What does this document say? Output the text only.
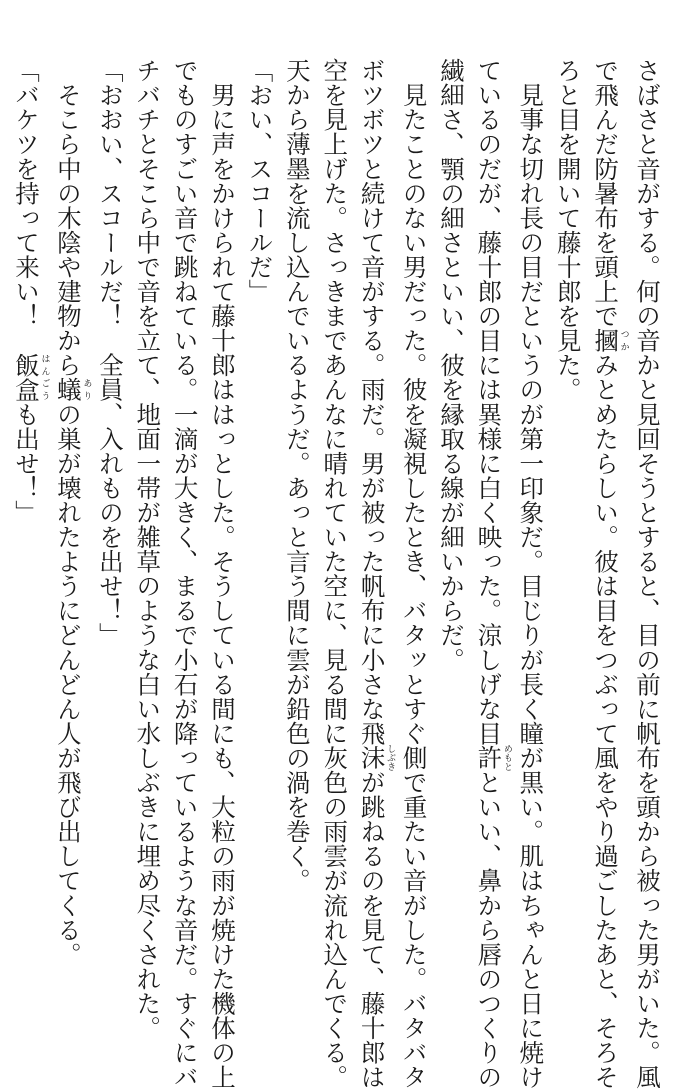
さばさと音がする。何の音かと見回そうとすると、目の前に帆布を頭から被った男がいた。風
で飛んだ防暑布を頭上で摑つかみとめたらしい。彼は目をつぶって風をやり過ごしたあと、そろそ
ろと目を開いて藤十郎を見た。
　見事な切れ長の目だというのが第一印象だ。目じりが長く瞳が黒い。肌はちゃんと日に焼け
ているのだが、藤十郎の目には異様に白く映った。涼しげな目許めもとといい、鼻から唇のつくりの
繊細さ、顎の細さといい、彼を縁取る線が細いからだ。
　見たことのない男だった。彼を凝視したとき、バタッとすぐ側で重たい音がした。バタバタ
ボツボツと続けて音がする。雨だ。男が被った帆布に小さな飛沫しぶきが跳ねるのを見て、藤十郎は
空を見上げた。さっきまであんなに晴れていた空に、見る間に灰色の雨雲が流れ込んでくる。
天から薄墨を流し込んでいるようだ。あっと言う間に雲が鉛色の渦を巻く。
「おい、スコールだ」
　男に声をかけられて藤十郎ははっとした。そうしている間にも、大粒の雨が焼けた機体の上
でものすごい音で跳ねている。一滴が大きく、まるで小石が降っているような音だ。すぐにバ
チバチとそこら中で音を立て、地面一帯が雑草のような白い水しぶきに埋め尽くされた。
「おおい、スコールだ！　全員、入れものを出せ！」
　そこら中の木陰や建物から蟻ありの巣が壊れたようにどんどん人が飛び出してくる。
「バケツを持って来い！　飯盒はんごうも出せ！」
